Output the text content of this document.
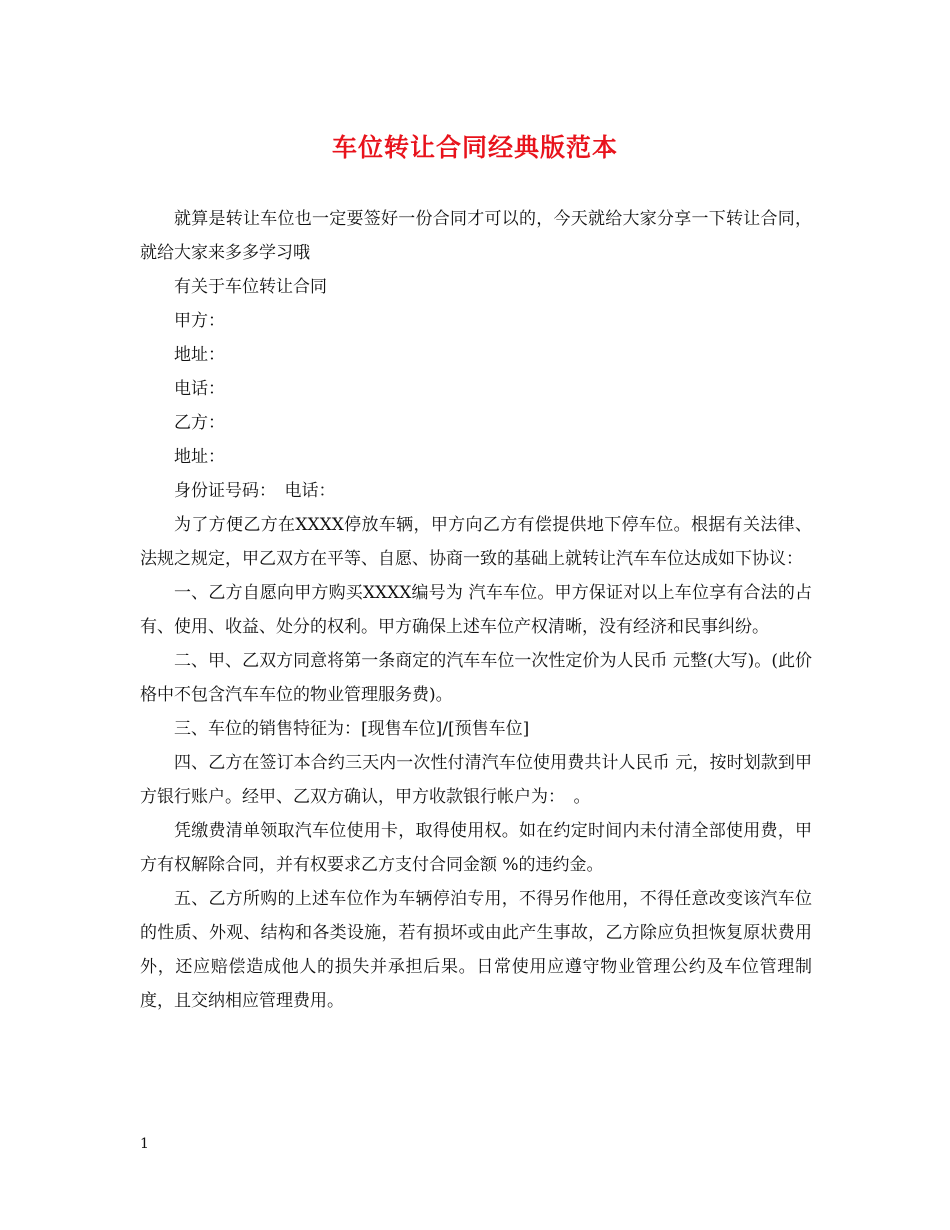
车位转让合同经典版范本

就算是转让车位也一定要签好一份合同才可以的，今天就给大家分享一下转让合同，就给大家来多多学习哦

有关于车位转让合同

甲方：

地址：

电话：

乙方：

地址：

身份证号码：　电话：

为了方便乙方在XXXX停放车辆，甲方向乙方有偿提供地下停车位。根据有关法律、法规之规定，甲乙双方在平等、自愿、协商一致的基础上就转让汽车车位达成如下协议：

一、乙方自愿向甲方购买XXXX编号为 汽车车位。甲方保证对以上车位享有合法的占有、使用、收益、处分的权利。甲方确保上述车位产权清晰，没有经济和民事纠纷。

二、甲、乙双方同意将第一条商定的汽车车位一次性定价为人民币 元整(大写)。(此价格中不包含汽车车位的物业管理服务费)。

三、车位的销售特征为：[现售车位]/[预售车位]

四、乙方在签订本合约三天内一次性付清汽车位使用费共计人民币 元，按时划款到甲方银行账户。经甲、乙双方确认，甲方收款银行帐户为：　。

凭缴费清单领取汽车位使用卡，取得使用权。如在约定时间内未付清全部使用费，甲方有权解除合同，并有权要求乙方支付合同金额 %的违约金。

五、乙方所购的上述车位作为车辆停泊专用，不得另作他用，不得任意改变该汽车位的性质、外观、结构和各类设施，若有损坏或由此产生事故，乙方除应负担恢复原状费用外，还应赔偿造成他人的损失并承担后果。日常使用应遵守物业管理公约及车位管理制度，且交纳相应管理费用。

1
